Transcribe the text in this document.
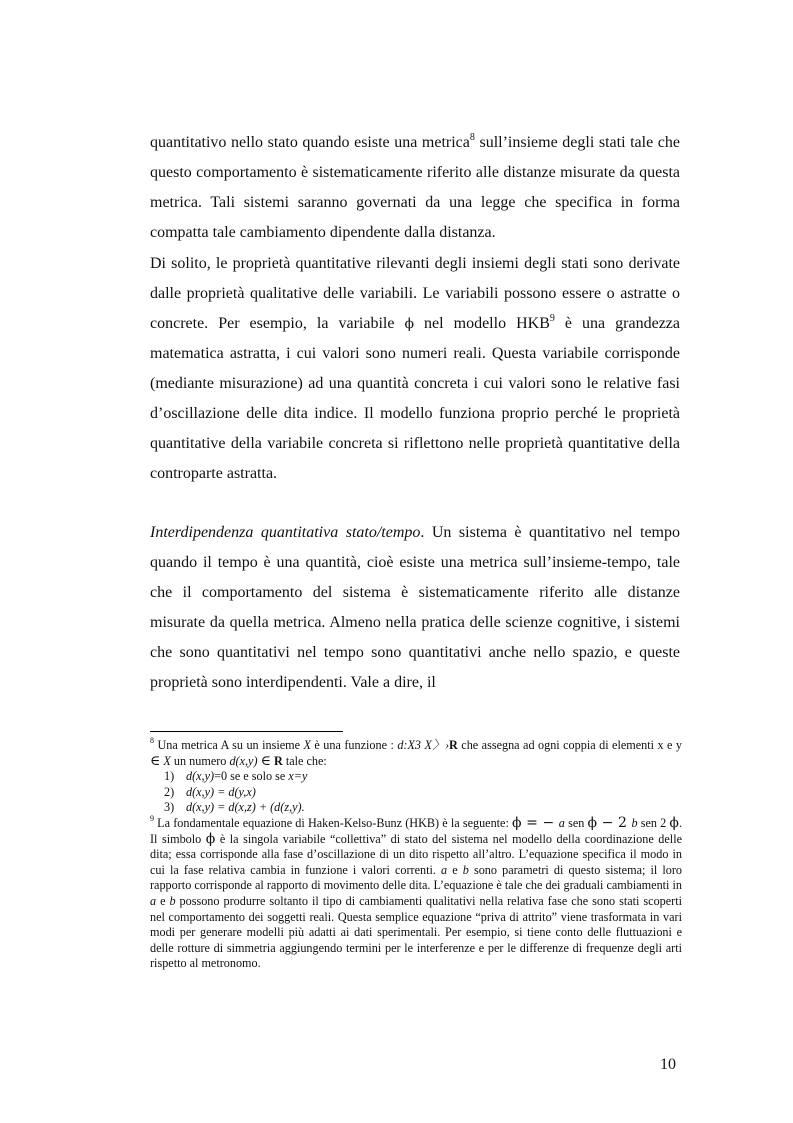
quantitativo nello stato quando esiste una metrica$^8$ sull’insieme degli stati tale che questo comportamento è sistematicamente riferito alle distanze misurate da questa metrica. Tali sistemi saranno governati da una legge che specifica in forma compatta tale cambiamento dipendente dalla distanza.

Di solito, le proprietà quantitative rilevanti degli insiemi degli stati sono derivate dalle proprietà qualitative delle variabili. Le variabili possono essere o astratte o concrete. Per esempio, la variabile ϕ nel modello HKB$^9$ è una grandezza matematica astratta, i cui valori sono numeri reali. Questa variabile corrisponde (mediante misurazione) ad una quantità concreta i cui valori sono le relative fasi d’oscillazione delle dita indice. Il modello funziona proprio perché le proprietà quantitative della variabile concreta si riflettono nelle proprietà quantitative della controparte astratta.

Interdipendenza quantitativa stato/tempo. Un sistema è quantitativo nel tempo quando il tempo è una quantità, cioè esiste una metrica sull’insieme-tempo, tale che il comportamento del sistema è sistematicamente riferito alle distanze misurate da quella metrica. Almeno nella pratica delle scienze cognitive, i sistemi che sono quantitativi nel tempo sono quantitativi anche nello spazio, e queste proprietà sono interdipendenti. Vale a dire, il

$^8$ Una metrica A su un insieme X è una funzione : d:X3 X〉›R che assegna ad ogni coppia di elementi x e y ∈ X un numero d(x,y) ∈ R tale che:

1) d(x,y)=0 se e solo se x=y
2) d(x,y) = d(y,x)
3) d(x,y) = d(x,z) + (d(z,y).

$^9$ La fondamentale equazione di Haken-Kelso-Bunz (HKB) è la seguente: ϕ = − a sen ϕ − 2 b sen 2 ϕ. Il simbolo ϕ è la singola variabile “collettiva” di stato del sistema nel modello della coordinazione delle dita; essa corrisponde alla fase d’oscillazione di un dito rispetto all’altro. L’equazione specifica il modo in cui la fase relativa cambia in funzione i valori correnti. a e b sono parametri di questo sistema; il loro rapporto corrisponde al rapporto di movimento delle dita. L’equazione è tale che dei graduali cambiamenti in a e b possono produrre soltanto il tipo di cambiamenti qualitativi nella relativa fase che sono stati scoperti nel comportamento dei soggetti reali. Questa semplice equazione “priva di attrito” viene trasformata in vari modi per generare modelli più adatti ai dati sperimentali. Per esempio, si tiene conto delle fluttuazioni e delle rotture di simmetria aggiungendo termini per le interferenze e per le differenze di frequenze degli arti rispetto al metronomo.

10
